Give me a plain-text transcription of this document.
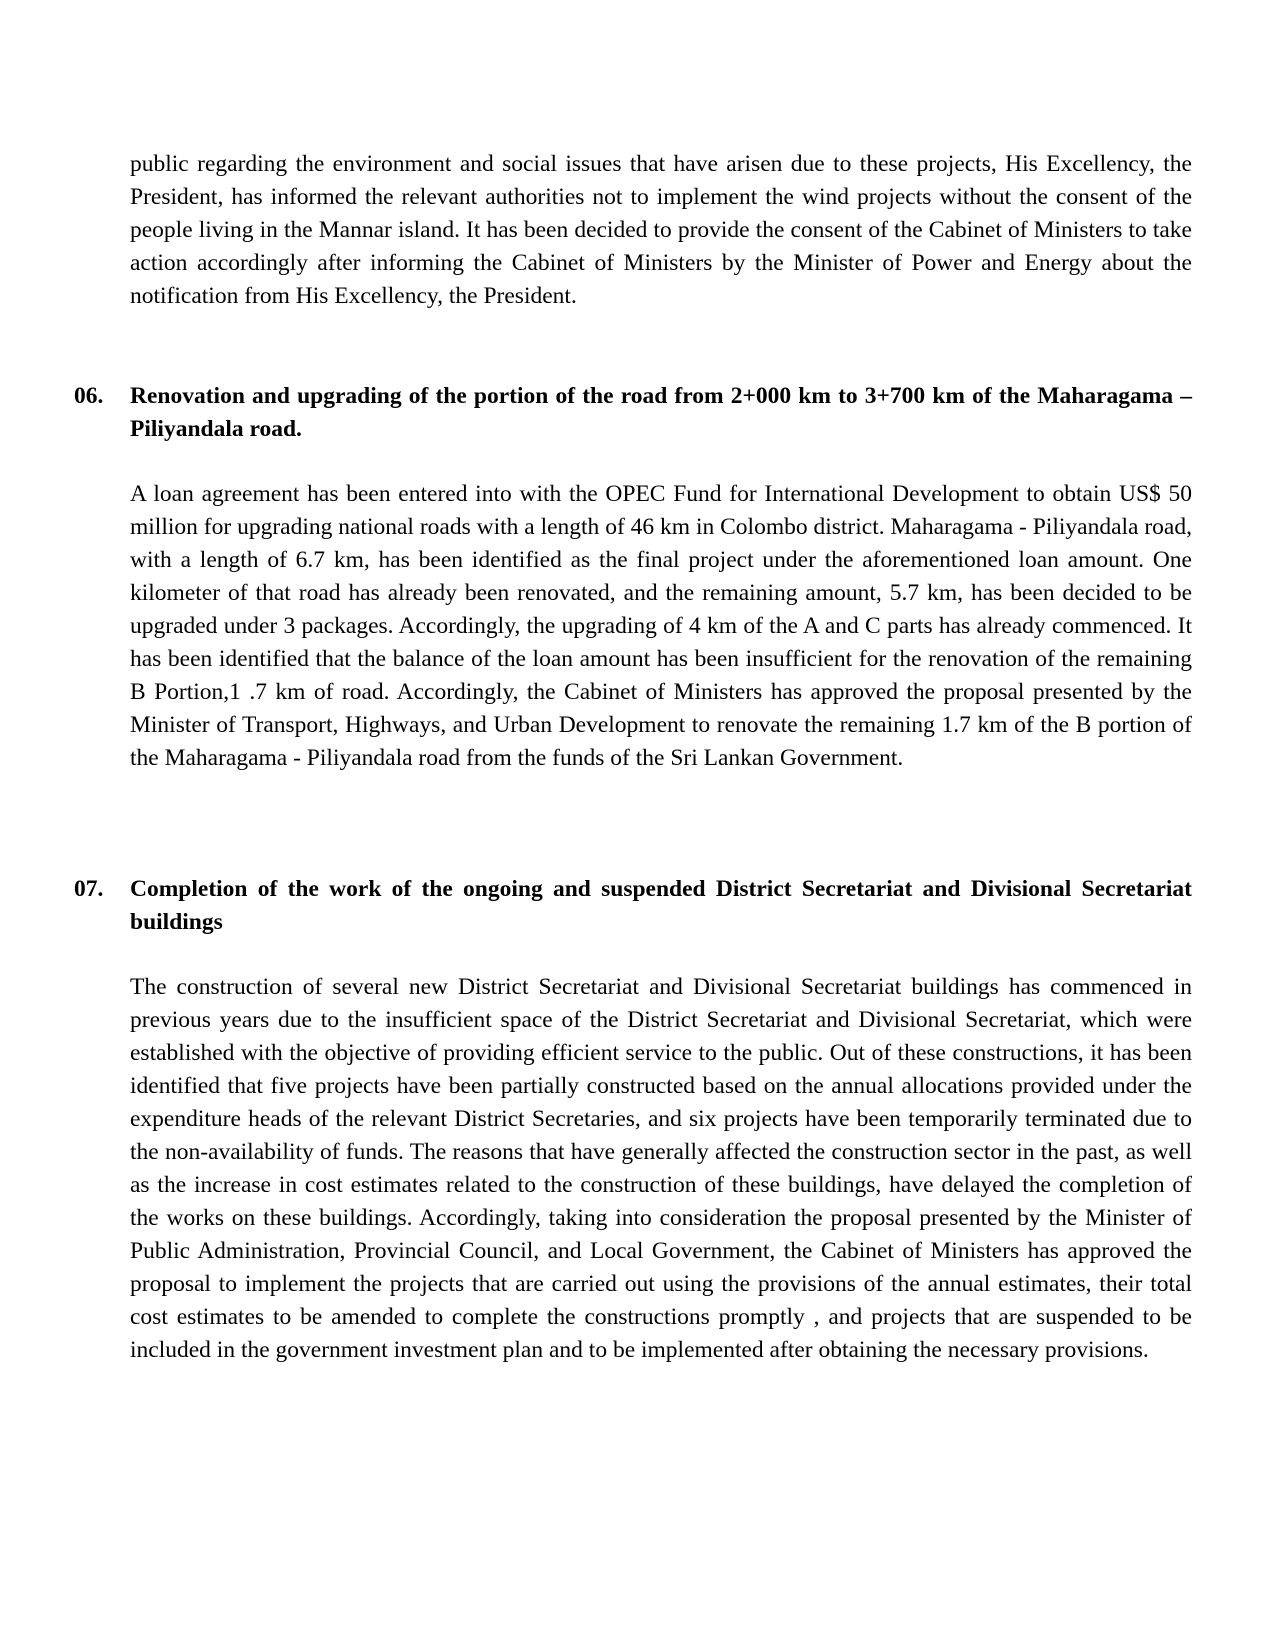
public regarding the environment and social issues that have arisen due to these projects, His Excellency, the President, has informed the relevant authorities not to implement the wind projects without the consent of the people living in the Mannar island. It has been decided to provide the consent of the Cabinet of Ministers to take action accordingly after informing the Cabinet of Ministers by the Minister of Power and Energy about the notification from His Excellency, the President.

06. Renovation and upgrading of the portion of the road from 2+000 km to 3+700 km of the Maharagama – Piliyandala road.

A loan agreement has been entered into with the OPEC Fund for International Development to obtain US$ 50 million for upgrading national roads with a length of 46 km in Colombo district. Maharagama - Piliyandala road, with a length of 6.7 km, has been identified as the final project under the aforementioned loan amount. One kilometer of that road has already been renovated, and the remaining amount, 5.7 km, has been decided to be upgraded under 3 packages. Accordingly, the upgrading of 4 km of the A and C parts has already commenced. It has been identified that the balance of the loan amount has been insufficient for the renovation of the remaining B Portion,1 .7 km of road. Accordingly, the Cabinet of Ministers has approved the proposal presented by the Minister of Transport, Highways, and Urban Development to renovate the remaining 1.7 km of the B portion of the Maharagama - Piliyandala road from the funds of the Sri Lankan Government.

07. Completion of the work of the ongoing and suspended District Secretariat and Divisional Secretariat buildings

The construction of several new District Secretariat and Divisional Secretariat buildings has commenced in previous years due to the insufficient space of the District Secretariat and Divisional Secretariat, which were established with the objective of providing efficient service to the public. Out of these constructions, it has been identified that five projects have been partially constructed based on the annual allocations provided under the expenditure heads of the relevant District Secretaries, and six projects have been temporarily terminated due to the non-availability of funds. The reasons that have generally affected the construction sector in the past, as well as the increase in cost estimates related to the construction of these buildings, have delayed the completion of the works on these buildings. Accordingly, taking into consideration the proposal presented by the Minister of Public Administration, Provincial Council, and Local Government, the Cabinet of Ministers has approved the proposal to implement the projects that are carried out using the provisions of the annual estimates, their total cost estimates to be amended to complete the constructions promptly , and projects that are suspended to be included in the government investment plan and to be implemented after obtaining the necessary provisions.
